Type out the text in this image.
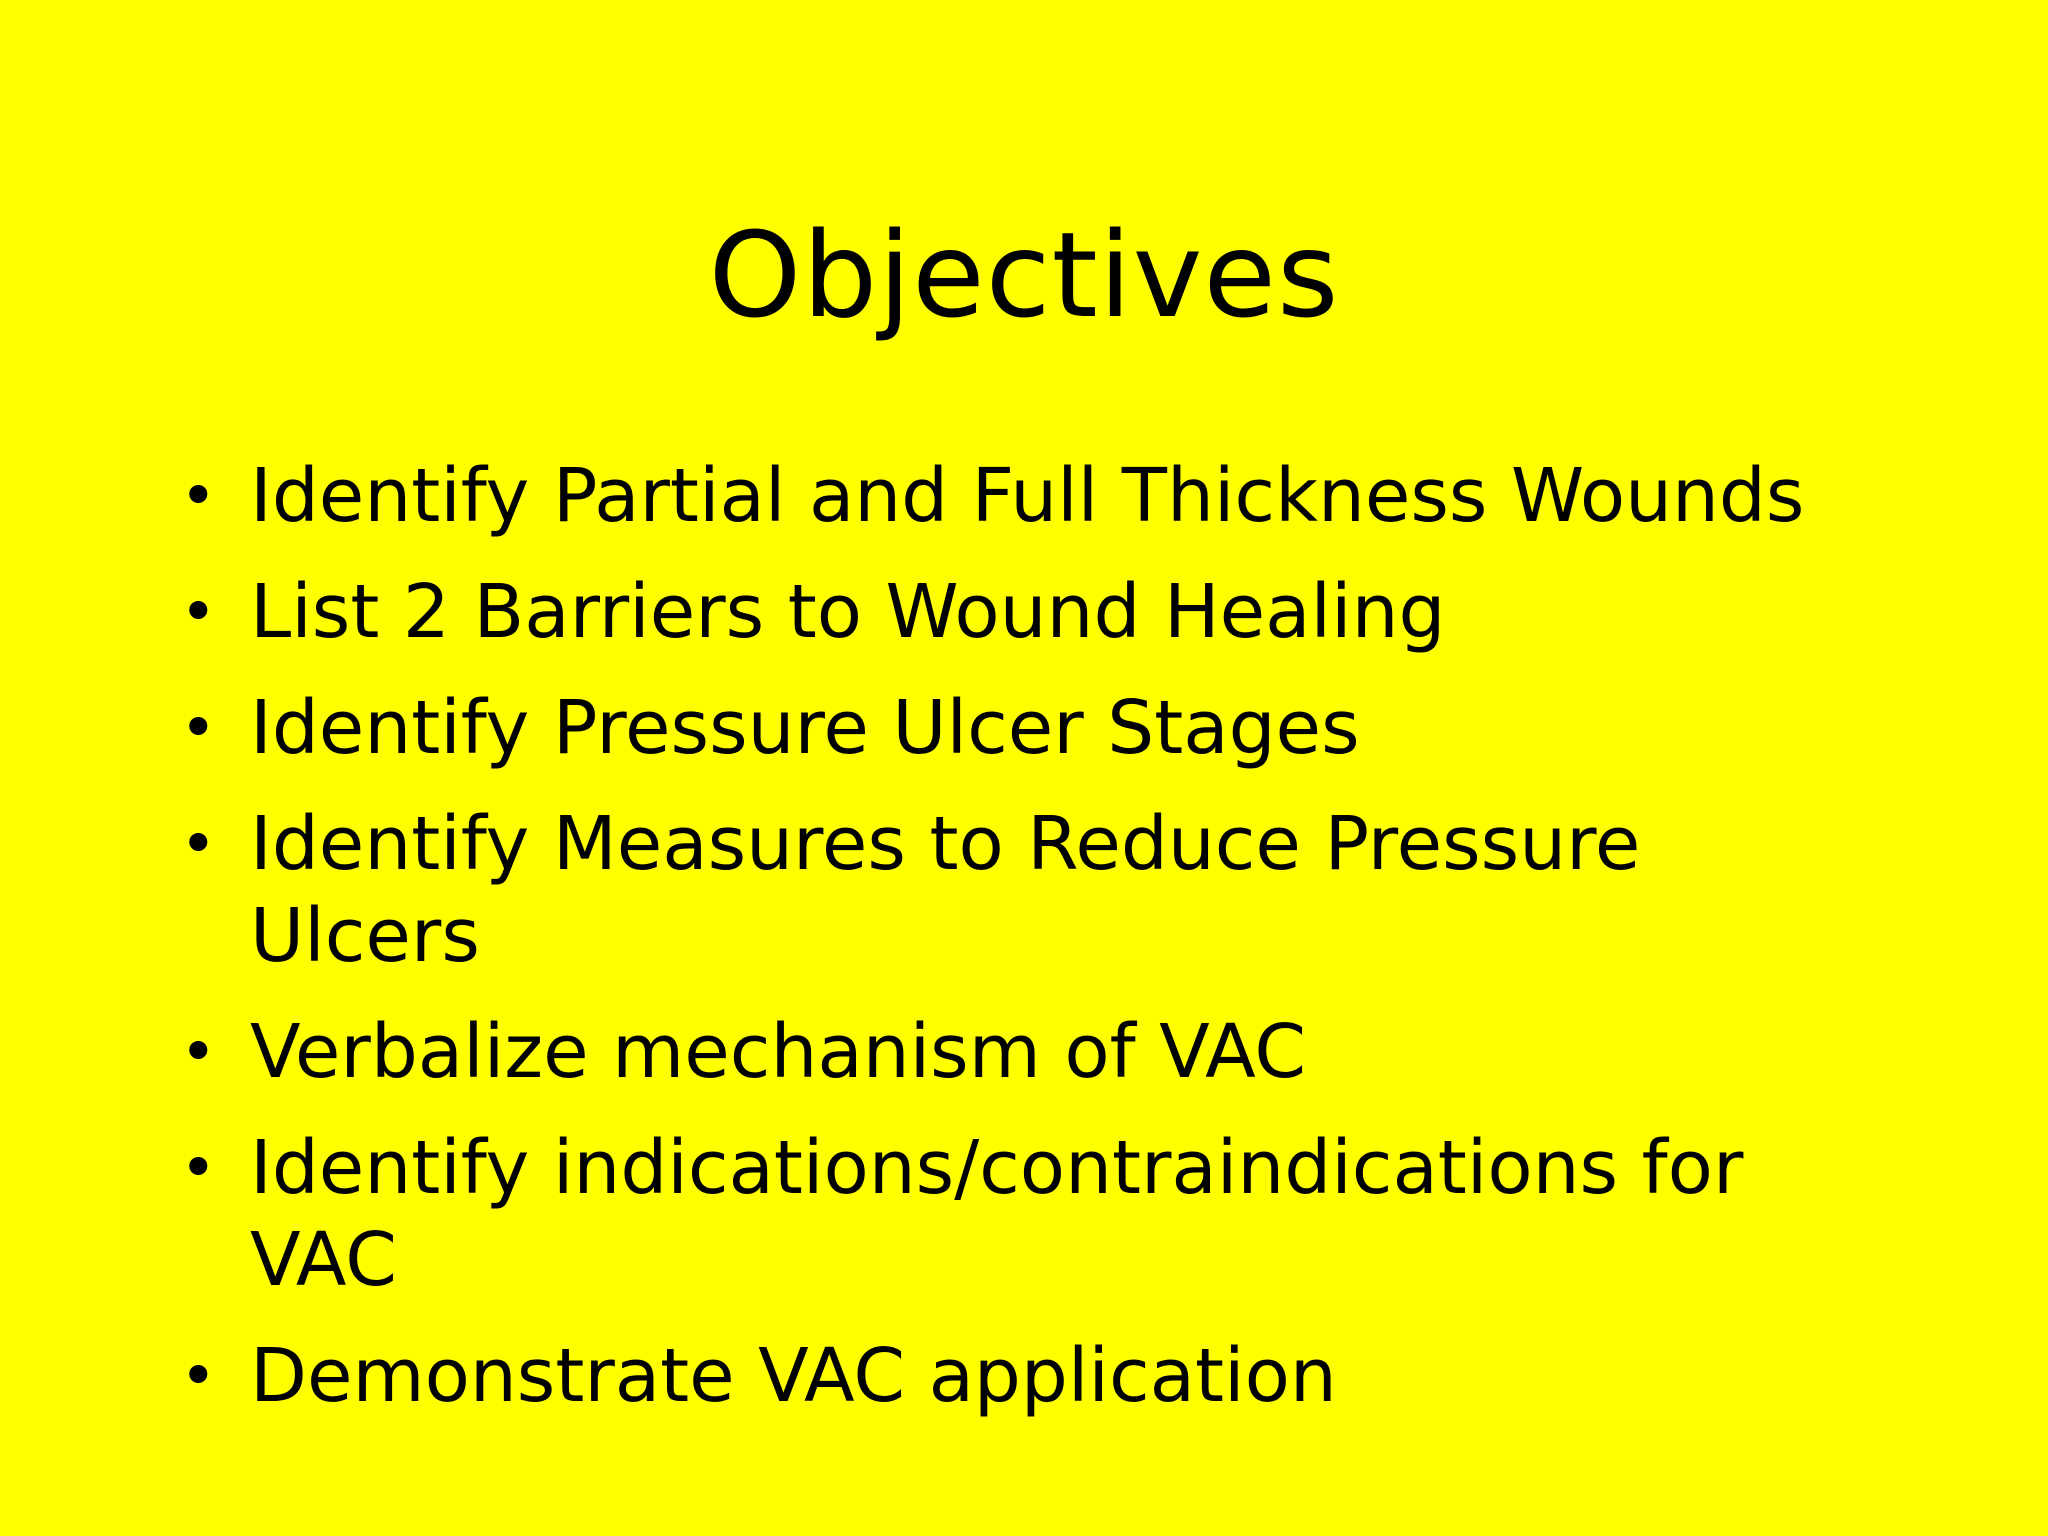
Objectives
• Identify Partial and Full Thickness Wounds
• List 2 Barriers to Wound Healing
• Identify Pressure Ulcer Stages
• Identify Measures to Reduce Pressure Ulcers
• Verbalize mechanism of VAC
• Identify indications/contraindications for VAC
• Demonstrate VAC application
